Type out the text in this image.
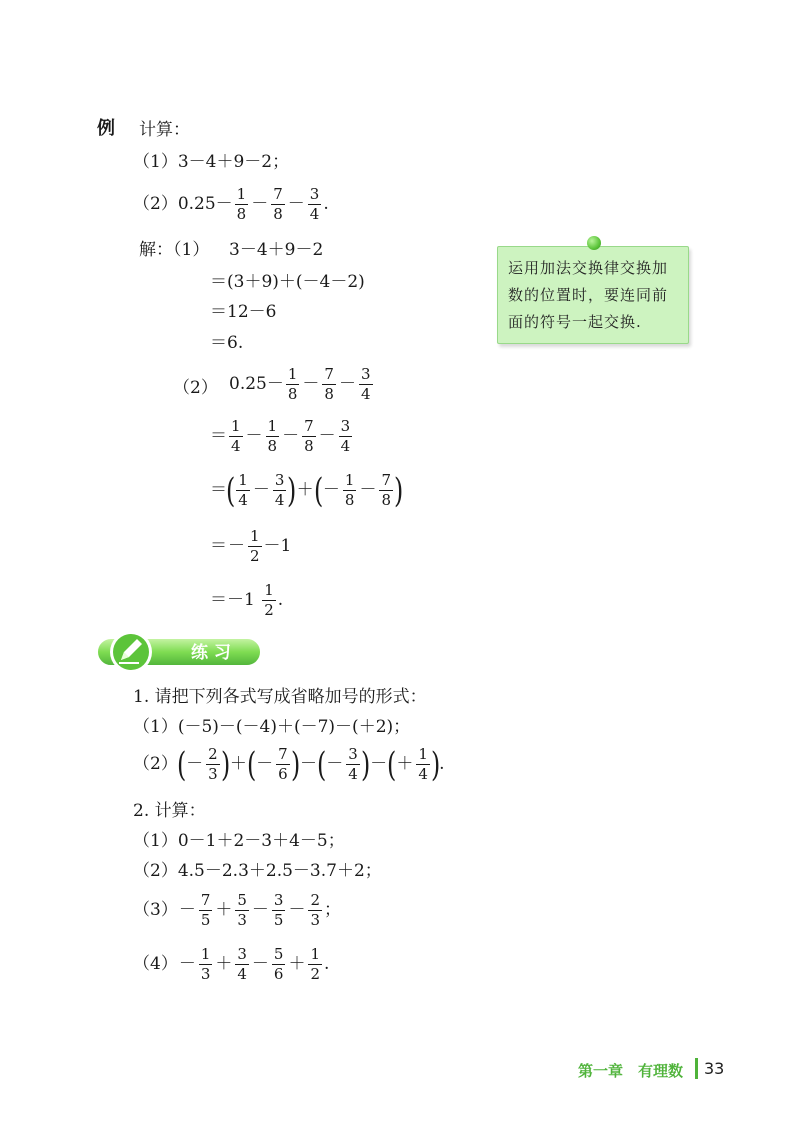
例 计算：
（1）3－4＋9－2；
$(2)0.25- \frac{1}{8} - \frac{7}{8} - \frac{3}{4}$ .
解：（1） 3－4＋9－2
＝(3＋9)＋(－4－2)
＝12－6
＝6.
运用加法交换律交换加数的位置时，要连同前面的符号一起交换.
（2） $0.25- \frac{1}{8} - \frac{7}{8} - \frac{3}{4}$
＝ $\frac{1}{4} - \frac{1}{8} - \frac{7}{8} - \frac{3}{4}$
＝( $\frac{1}{4} - \frac{3}{4}$ )＋(－ $\frac{1}{8} - \frac{7}{8}$ )
＝－ $\frac{1}{2} -1$
$=-1 \frac{1}{2}$ .
练 习
1. 请把下列各式写成省略加号的形式：
（1）(－5)－(－4)＋(－7)－(＋2)；
$(2)(- \frac{2}{3}$ )＋(－ $\frac{7}{6}$ )－(－ $\frac{3}{4}$ )－(＋ $\frac{1}{4}$ ).
2. 计算：
（1）0－1＋2－3＋4－5；
（2）4.5－2.3＋2.5－3.7＋2；
$(3)- \frac{7}{5} + \frac{5}{3} - \frac{3}{5} - \frac{2}{3}$ ；
$(4)- \frac{1}{3} + \frac{3}{4} - \frac{5}{6} + \frac{1}{2}$ .
第一章　有理数 33
